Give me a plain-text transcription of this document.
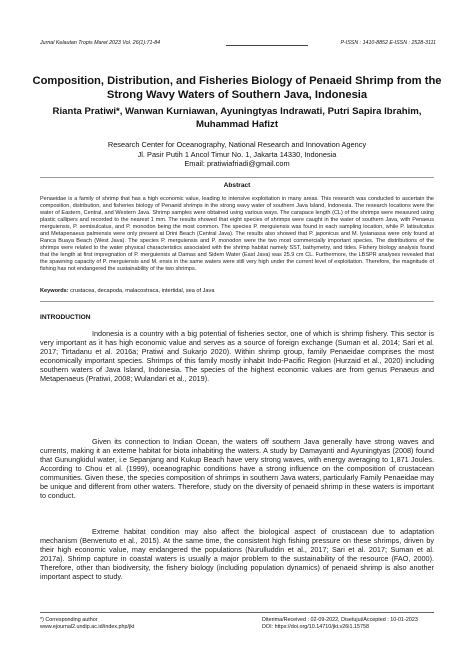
Jurnal Kelautan Tropis Maret 2023 Vol. 26(1):71-84	P-ISSN : 1410-8852 E-ISSN : 2528-3111
Composition, Distribution, and Fisheries Biology of Penaeid Shrimp from the Strong Wavy Waters of Southern Java, Indonesia
Rianta Pratiwi*, Wanwan Kurniawan, Ayuningtyas Indrawati, Putri Sapira Ibrahim, Muhammad Hafizt
Research Center for Oceanography, National Research and Innovation Agency
Jl. Pasir Putih 1 Ancol Timur No. 1, Jakarta 14330, Indonesia
Email: pratiwiafriadi@gmail.com
Abstract
Penaeidae is a family of shrimp that has a high economic value, leading to intensive exploitation in many areas. This research was conducted to ascertain the composition, distribution, and fisheries biology of Penaeid shrimps in the strong wavy water of southern Java Island, Indonesia. The research locations were the water of Eastern, Central, and Western Java. Shrimp samples were obtained using various ways. The carapace length (CL) of the shrimps were measured using plastic callipers and recorded to the nearest 1 mm. The results showed that eight species of shrimps were caught in the water of southern Java, with Penaeus merguiensis, P. semisulcatus, and P. monodon being the most common. The species P. merguiensis was found in each sampling location, while P. latisulcatus and Metapenaeus palmensis were only present at Drini Beach (Central Java). The results also showed that P. japonicus and M. lysianassa were only found at Ranca Buaya Beach (West Java). The species P. merguiensis and P. monodon were the two most commercially important species. The distributions of the shrimps were related to the water physical characteristics associated with the shrimp habitat namely SST, bathymetry, and tides. Fishery biology analysis found that the length at first impregnation of P. merguiensis at Damas and Sidem Water (East Java) was 25.9 cm CL. Furthermore, the LBSPR analyses revealed that the spawning capacity of P. merguiensis and M. ensis in the same waters were still very high under the current level of exploitation. Therefore, the magnitude of fishing has not endangered the sustainability of the two shrimps.
Keywords: crustacea, decapoda, malacostraca, intertidal, sea of Java
INTRODUCTION
Indonesia is a country with a big potential of fisheries sector, one of which is shrimp fishery. This sector is very important as it has high economic value and serves as a source of foreign exchange (Suman et al. 2014; Sari et al. 2017; Tirtadanu et al. 2016a; Pratiwi and Sukarjo 2020). Within shrimp group, family Penaeidae comprises the most economically important species. Shrimps of this family mostly inhabit Indo-Pacific Region (Hurzaid et al., 2020) including southern waters of Java Island, Indonesia. The species of the highest economic values are from genus Penaeus and Metapenaeus (Pratiwi, 2008; Wulandari et al., 2019).
Given its connection to Indian Ocean, the waters off southern Java generally have strong waves and currents, making it an exteme habitat for biota inhabiting the waters. A study by Damayanti and Ayuningtyas (2008) found that Gunungkidul water, i.e Sepanjang and Kukup Beach have very strong waves, with energy averaging to 1,871 Joules. According to Chou et al. (1999), oceanographic conditions have a strong influence on the composition of crustacean communities. Given these, the species composition of shrimps in southern Java waters, particularly Family Penaeidae may be unique and different from other waters. Therefore, study on the diversity of penaeid shrimp in these waters is important to conduct.
Extreme habitat condition may also affect the biological aspect of crustacean due to adaptation mechanism (Benvenuto et al., 2015). At the same time, the consistent high fishing pressure on these shrimps, driven by their high economic value, may endangered the populations (Nurulluddin et al., 2017; Sari et al. 2017; Suman et al. 2017a). Shrimp capture in coastal waters is usually a major problem to the sustainability of the resource (FAO, 2000). Therefore, other than biodiversity, the fishery biology (including population dynamics) of penaeid shrimp is also another important aspect to study.
*) Corresponding author
www.ejournal2.undip.ac.id/index.php/jkt
Diterima/Received : 02-09-2022, Disetujui/Accepted : 10-01-2023
DOI: https://doi.org/10.14710/jkt.v26i1.15758
